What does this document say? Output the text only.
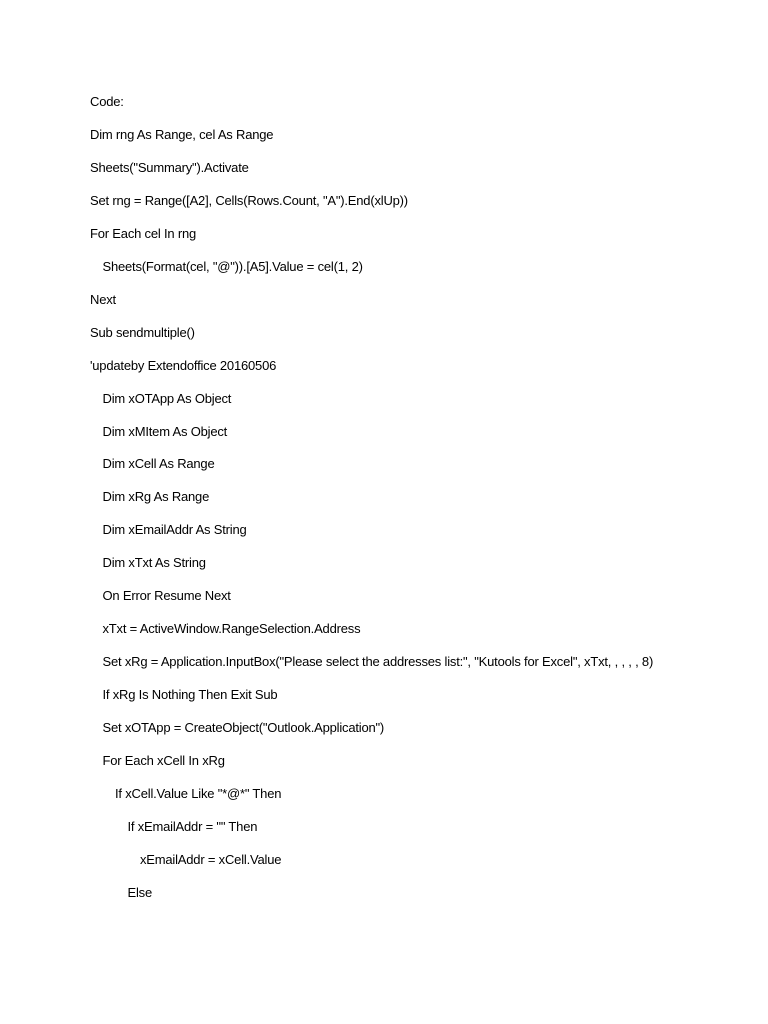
Code:
Dim rng As Range, cel As Range
Sheets("Summary").Activate
Set rng = Range([A2], Cells(Rows.Count, "A").End(xlUp))
For Each cel In rng
Sheets(Format(cel, "@")).[A5].Value = cel(1, 2)
Next
Sub sendmultiple()
'updateby Extendoffice 20160506
Dim xOTApp As Object
Dim xMItem As Object
Dim xCell As Range
Dim xRg As Range
Dim xEmailAddr As String
Dim xTxt As String
On Error Resume Next
xTxt = ActiveWindow.RangeSelection.Address
Set xRg = Application.InputBox("Please select the addresses list:", "Kutools for Excel", xTxt, , , , , 8)
If xRg Is Nothing Then Exit Sub
Set xOTApp = CreateObject("Outlook.Application")
For Each xCell In xRg
If xCell.Value Like "*@*" Then
If xEmailAddr = "" Then
xEmailAddr = xCell.Value
Else
